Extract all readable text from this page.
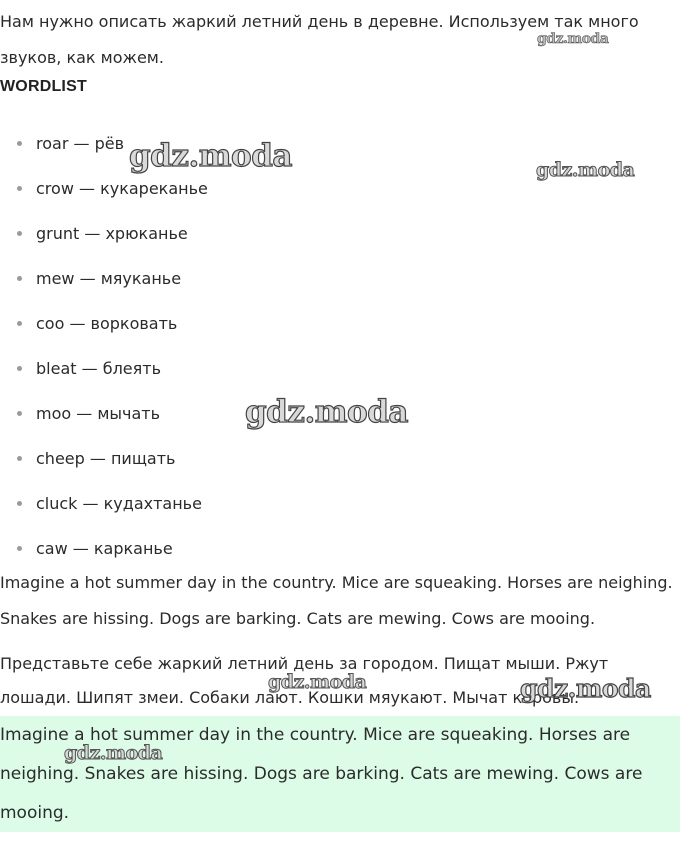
Нам нужно описать жаркий летний день в деревне. Используем так много звуков, как можем.

WORDLIST
roar — рёв
crow — кукареканье
grunt — хрюканье
mew — мяуканье
coo — ворковать
bleat — блеять
moo — мычать
cheep — пищать
cluck — кудахтанье
caw — карканье

Imagine a hot summer day in the country. Mice are squeaking. Horses are neighing. Snakes are hissing. Dogs are barking. Cats are mewing. Cows are mooing.

Представьте себе жаркий летний день за городом. Пищат мыши. Ржут лошади. Шипят змеи. Собаки лают. Кошки мяукают. Мычат коровы.

Imagine a hot summer day in the country. Mice are squeaking. Horses are neighing. Snakes are hissing. Dogs are barking. Cats are mewing. Cows are mooing.

gdz.moda
gdz.moda	gdz.moda
gdz.moda
gdz.moda	gdz.moda
gdz.moda
